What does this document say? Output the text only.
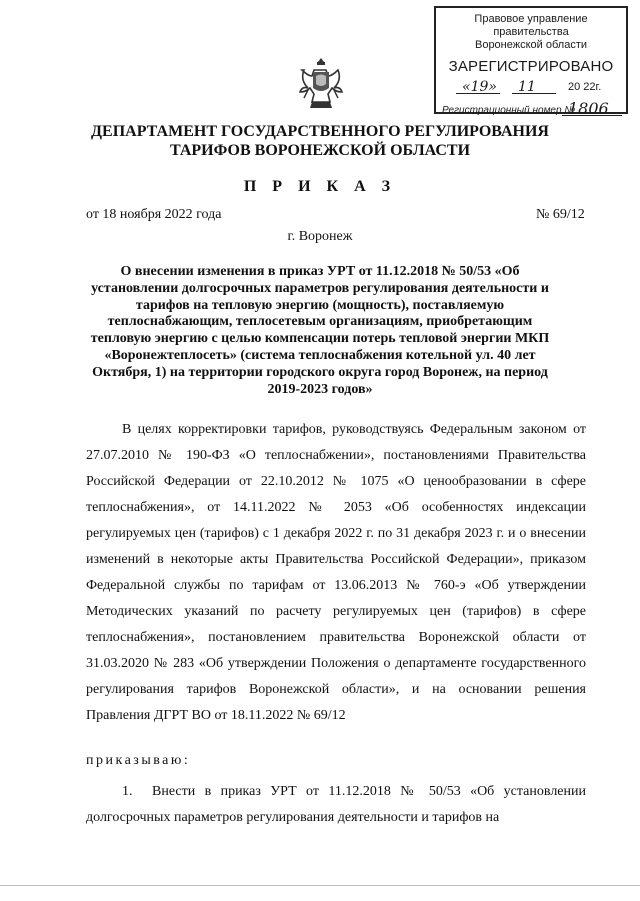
Правовое управление правительства
Воронежской области
ЗАРЕГИСТРИРОВАНО
«19» 11	20 22г.
Регистрационный номер №
1806
ДЕПАРТАМЕНТ ГОСУДАРСТВЕННОГО РЕГУЛИРОВАНИЯ
ТАРИФОВ ВОРОНЕЖСКОЙ ОБЛАСТИ
П Р И К А З
от 18 ноября 2022 года	№ 69/12
г. Воронеж
О внесении изменения в приказ УРТ от 11.12.2018 № 50/53 «Об установлении долгосрочных параметров регулирования деятельности и тарифов на тепловую энергию (мощность), поставляемую теплоснабжающим, теплосетевым организациям, приобретающим тепловую энергию с целью компенсации потерь тепловой энергии МКП «Воронежтеплосеть» (система теплоснабжения котельной ул. 40 лет Октября, 1) на территории городского округа город Воронеж, на период 2019-2023 годов»
В целях корректировки тарифов, руководствуясь Федеральным законом от 27.07.2010 № 190-ФЗ «О теплоснабжении», постановлениями Правительства Российской Федерации от 22.10.2012 № 1075 «О ценообразовании в сфере теплоснабжения», от 14.11.2022 № 2053 «Об особенностях индексации регулируемых цен (тарифов) с 1 декабря 2022 г. по 31 декабря 2023 г. и о внесении изменений в некоторые акты Правительства Российской Федерации», приказом Федеральной службы по тарифам от 13.06.2013 № 760-э «Об утверждении Методических указаний по расчету регулируемых цен (тарифов) в сфере теплоснабжения», постановлением правительства Воронежской области от 31.03.2020 № 283 «Об утверждении Положения о департаменте государственного регулирования тарифов Воронежской области», и на основании решения Правления ДГРТ ВО от 18.11.2022 № 69/12
приказываю:
1. Внести в приказ УРТ от 11.12.2018 № 50/53 «Об установлении долгосрочных параметров регулирования деятельности и тарифов на
